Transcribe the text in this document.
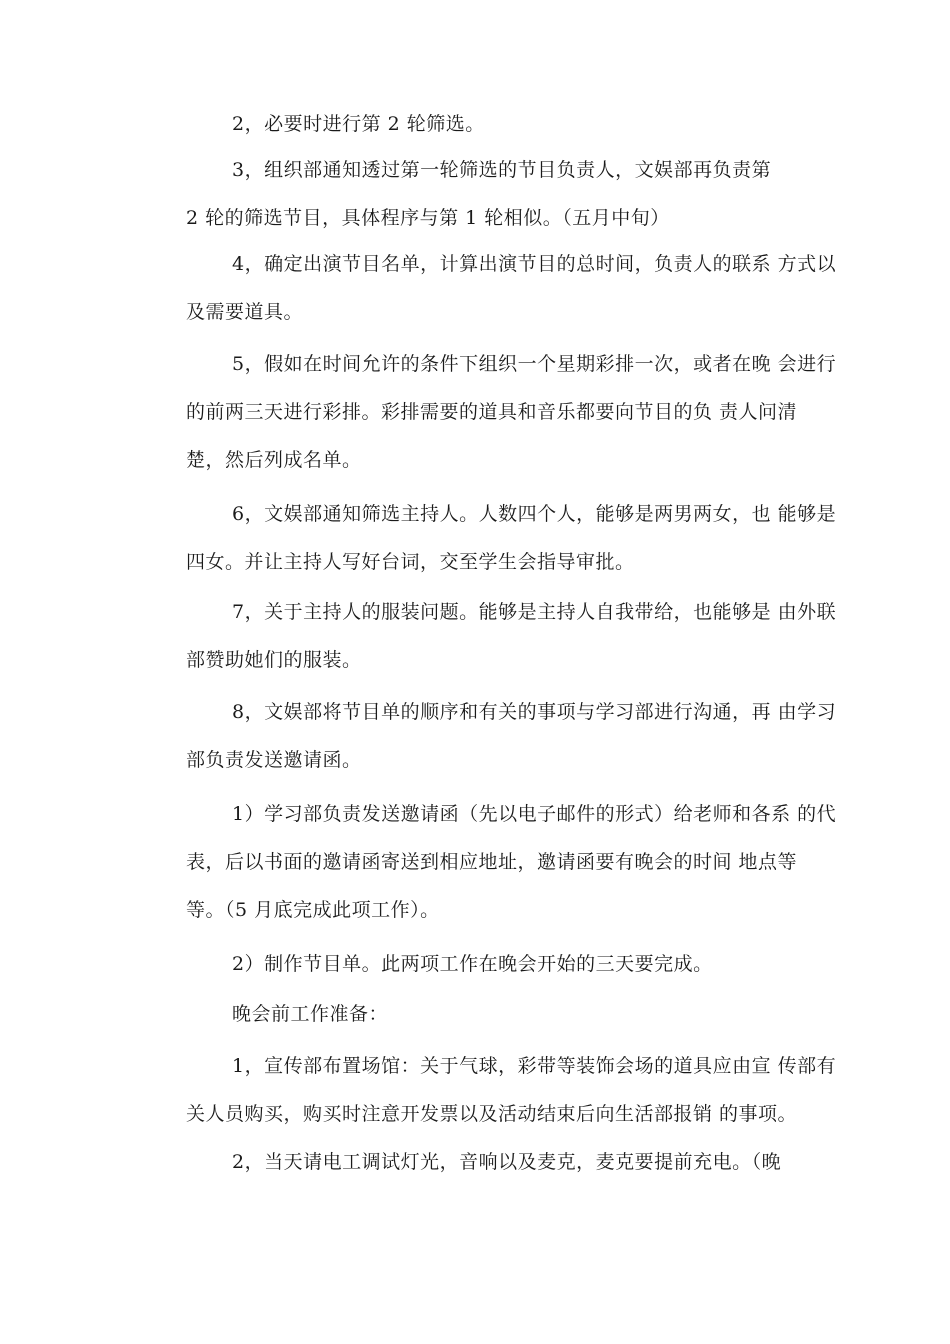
2，必要时进行第 2 轮筛选。
3，组织部通知透过第一轮筛选的节目负责人，文娱部再负责第
2 轮的筛选节目，具体程序与第 1 轮相似。（五月中旬）
4，确定出演节目名单，计算出演节目的总时间，负责人的联系 方式以
及需要道具。
5，假如在时间允许的条件下组织一个星期彩排一次，或者在晚 会进行
的前两三天进行彩排。彩排需要的道具和音乐都要向节目的负 责人问清
楚，然后列成名单。
6，文娱部通知筛选主持人。人数四个人，能够是两男两女，也 能够是
四女。并让主持人写好台词，交至学生会指导审批。
7，关于主持人的服装问题。能够是主持人自我带给，也能够是 由外联
部赞助她们的服装。
8，文娱部将节目单的顺序和有关的事项与学习部进行沟通，再 由学习
部负责发送邀请函。
1）学习部负责发送邀请函（先以电子邮件的形式）给老师和各系 的代
表，后以书面的邀请函寄送到相应地址，邀请函要有晚会的时间 地点等
等。（5 月底完成此项工作）。
2）制作节目单。此两项工作在晚会开始的三天要完成。
晚会前工作准备：
1，宣传部布置场馆：关于气球，彩带等装饰会场的道具应由宣 传部有
关人员购买，购买时注意开发票以及活动结束后向生活部报销 的事项。
2，当天请电工调试灯光，音响以及麦克，麦克要提前充电。（晚
